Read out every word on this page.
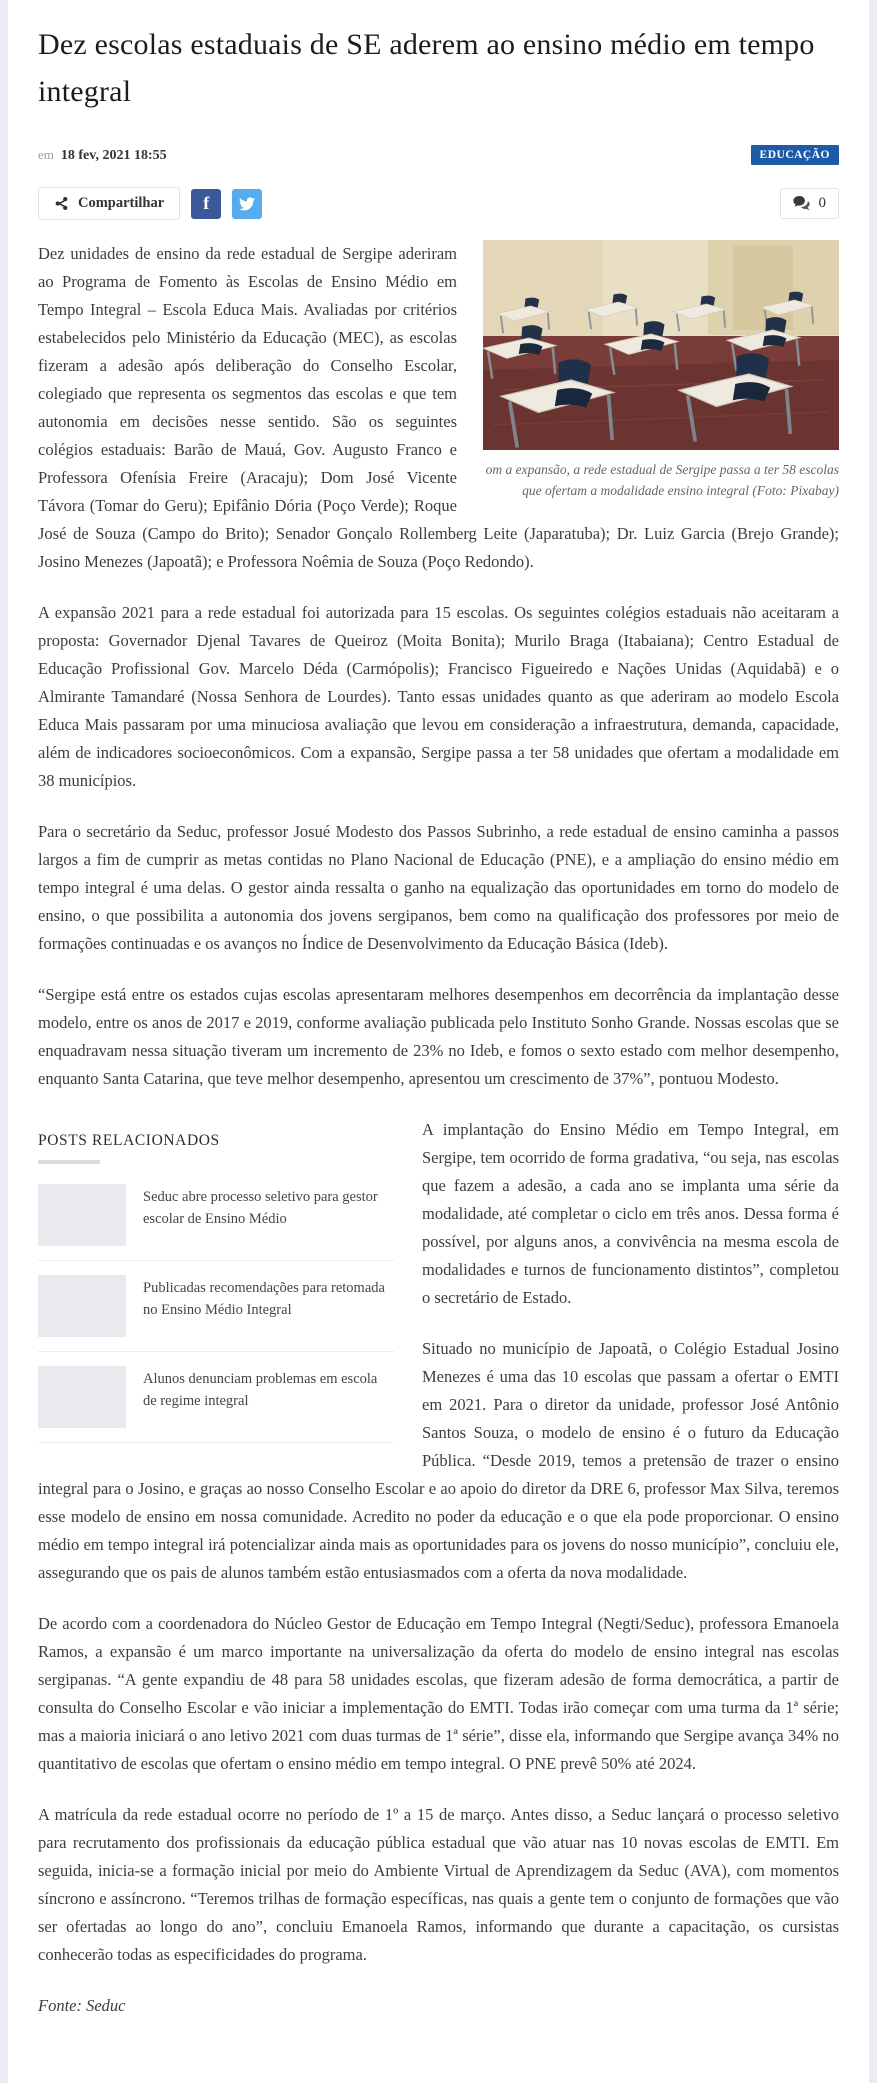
Dez escolas estaduais de SE aderem ao ensino médio em tempo integral
em 18 fev, 2021 18:55	EDUCAÇÃO
Compartilhar f	0
om a expansão, a rede estadual de Sergipe passa a ter 58 escolas que ofertam a modalidade ensino integral (Foto: Pixabay)

Dez unidades de ensino da rede estadual de Sergipe aderiram ao Programa de Fomento às Escolas de Ensino Médio em Tempo Integral – Escola Educa Mais. Avaliadas por critérios estabelecidos pelo Ministério da Educação (MEC), as escolas fizeram a adesão após deliberação do Conselho Escolar, colegiado que representa os segmentos das escolas e que tem autonomia em decisões nesse sentido. São os seguintes colégios estaduais: Barão de Mauá, Gov. Augusto Franco e Professora Ofenísia Freire (Aracaju); Dom José Vicente Távora (Tomar do Geru); Epifânio Dória (Poço Verde); Roque José de Souza (Campo do Brito); Senador Gonçalo Rollemberg Leite (Japaratuba); Dr. Luiz Garcia (Brejo Grande); Josino Menezes (Japoatã); e Professora Noêmia de Souza (Poço Redondo).

A expansão 2021 para a rede estadual foi autorizada para 15 escolas. Os seguintes colégios estaduais não aceitaram a proposta: Governador Djenal Tavares de Queiroz (Moita Bonita); Murilo Braga (Itabaiana); Centro Estadual de Educação Profissional Gov. Marcelo Déda (Carmópolis); Francisco Figueiredo e Nações Unidas (Aquidabã) e o Almirante Tamandaré (Nossa Senhora de Lourdes). Tanto essas unidades quanto as que aderiram ao modelo Escola Educa Mais passaram por uma minuciosa avaliação que levou em consideração a infraestrutura, demanda, capacidade, além de indicadores socioeconômicos. Com a expansão, Sergipe passa a ter 58 unidades que ofertam a modalidade em 38 municípios.

Para o secretário da Seduc, professor Josué Modesto dos Passos Subrinho, a rede estadual de ensino caminha a passos largos a fim de cumprir as metas contidas no Plano Nacional de Educação (PNE), e a ampliação do ensino médio em tempo integral é uma delas. O gestor ainda ressalta o ganho na equalização das oportunidades em torno do modelo de ensino, o que possibilita a autonomia dos jovens sergipanos, bem como na qualificação dos professores por meio de formações continuadas e os avanços no Índice de Desenvolvimento da Educação Básica (Ideb).

“Sergipe está entre os estados cujas escolas apresentaram melhores desempenhos em decorrência da implantação desse modelo, entre os anos de 2017 e 2019, conforme avaliação publicada pelo Instituto Sonho Grande. Nossas escolas que se enquadravam nessa situação tiveram um incremento de 23% no Ideb, e fomos o sexto estado com melhor desempenho, enquanto Santa Catarina, que teve melhor desempenho, apresentou um crescimento de 37%”, pontuou Modesto.

POSTS RELACIONADOS
Seduc abre processo seletivo para gestor escolar de Ensino Médio
Publicadas recomendações para retomada no Ensino Médio Integral
Alunos denunciam problemas em escola de regime integral

A implantação do Ensino Médio em Tempo Integral, em Sergipe, tem ocorrido de forma gradativa, “ou seja, nas escolas que fazem a adesão, a cada ano se implanta uma série da modalidade, até completar o ciclo em três anos. Dessa forma é possível, por alguns anos, a convivência na mesma escola de modalidades e turnos de funcionamento distintos”, completou o secretário de Estado.

Situado no município de Japoatã, o Colégio Estadual Josino Menezes é uma das 10 escolas que passam a ofertar o EMTI em 2021. Para o diretor da unidade, professor José Antônio Santos Souza, o modelo de ensino é o futuro da Educação Pública. “Desde 2019, temos a pretensão de trazer o ensino integral para o Josino, e graças ao nosso Conselho Escolar e ao apoio do diretor da DRE 6, professor Max Silva, teremos esse modelo de ensino em nossa comunidade. Acredito no poder da educação e o que ela pode proporcionar. O ensino médio em tempo integral irá potencializar ainda mais as oportunidades para os jovens do nosso município”, concluiu ele, assegurando que os pais de alunos também estão entusiasmados com a oferta da nova modalidade.

De acordo com a coordenadora do Núcleo Gestor de Educação em Tempo Integral (Negti/Seduc), professora Emanoela Ramos, a expansão é um marco importante na universalização da oferta do modelo de ensino integral nas escolas sergipanas. “A gente expandiu de 48 para 58 unidades escolas, que fizeram adesão de forma democrática, a partir de consulta do Conselho Escolar e vão iniciar a implementação do EMTI. Todas irão começar com uma turma da 1ª série; mas a maioria iniciará o ano letivo 2021 com duas turmas de 1ª série”, disse ela, informando que Sergipe avança 34% no quantitativo de escolas que ofertam o ensino médio em tempo integral. O PNE prevê 50% até 2024.

A matrícula da rede estadual ocorre no período de 1º a 15 de março. Antes disso, a Seduc lançará o processo seletivo para recrutamento dos profissionais da educação pública estadual que vão atuar nas 10 novas escolas de EMTI. Em seguida, inicia-se a formação inicial por meio do Ambiente Virtual de Aprendizagem da Seduc (AVA), com momentos síncrono e assíncrono. “Teremos trilhas de formação específicas, nas quais a gente tem o conjunto de formações que vão ser ofertadas ao longo do ano”, concluiu Emanoela Ramos, informando que durante a capacitação, os cursistas conhecerão todas as especificidades do programa.

Fonte: Seduc
